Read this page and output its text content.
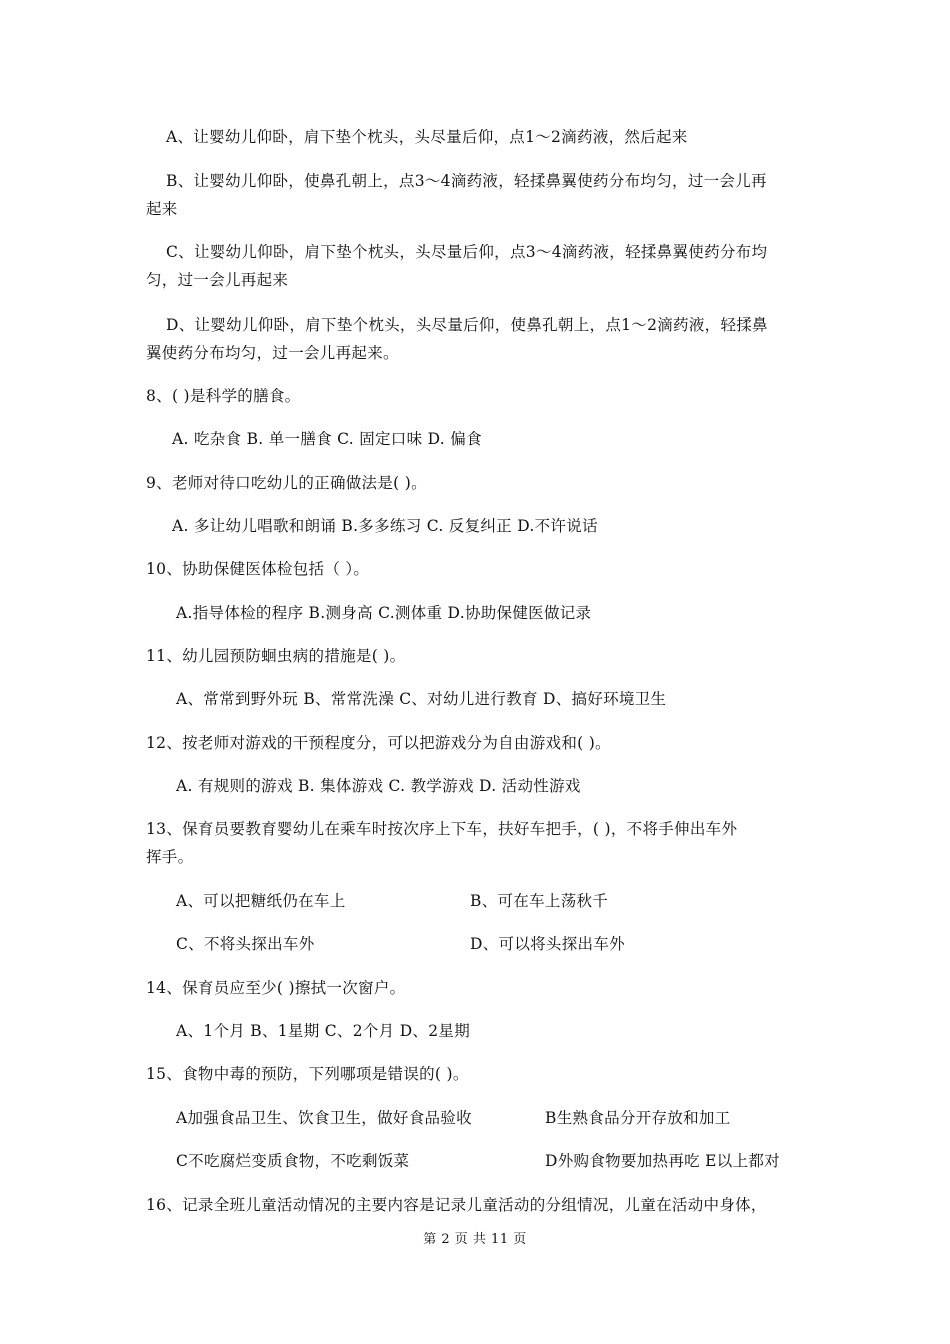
A、让婴幼儿仰卧，肩下垫个枕头，头尽量后仰，点1～2滴药液，然后起来
B、让婴幼儿仰卧，使鼻孔朝上，点3～4滴药液，轻揉鼻翼使药分布均匀，过一会儿再
起来
C、让婴幼儿仰卧，肩下垫个枕头，头尽量后仰，点3～4滴药液，轻揉鼻翼使药分布均
匀，过一会儿再起来
D、让婴幼儿仰卧，肩下垫个枕头，头尽量后仰，使鼻孔朝上，点1～2滴药液，轻揉鼻
翼使药分布均匀，过一会儿再起来。
8、( )是科学的膳食。
A. 吃杂食 B. 单一膳食 C. 固定口味 D. 偏食
9、老师对待口吃幼儿的正确做法是( )。
A. 多让幼儿唱歌和朗诵 B.多多练习 C. 反复纠正 D.不许说话
10、协助保健医体检包括（ ）。
A.指导体检的程序 B.测身高 C.测体重 D.协助保健医做记录
11、幼儿园预防蛔虫病的措施是( )。
A、常常到野外玩 B、常常洗澡 C、对幼儿进行教育 D、搞好环境卫生
12、按老师对游戏的干预程度分，可以把游戏分为自由游戏和( )。
A. 有规则的游戏 B. 集体游戏 C. 教学游戏 D. 活动性游戏
13、保育员要教育婴幼儿在乘车时按次序上下车，扶好车把手，( )，不将手伸出车外
挥手。
A、可以把糖纸仍在车上	B、可在车上荡秋千
C、不将头探出车外	D、可以将头探出车外
14、保育员应至少( )擦拭一次窗户。
A、1个月 B、1星期 C、2个月 D、2星期
15、食物中毒的预防，下列哪项是错误的( )。
A加强食品卫生、饮食卫生，做好食品验收	B生熟食品分开存放和加工
C不吃腐烂变质食物，不吃剩饭菜	D外购食物要加热再吃 E以上都对
16、记录全班儿童活动情况的主要内容是记录儿童活动的分组情况，儿童在活动中身体，
第 2 页 共 11 页
